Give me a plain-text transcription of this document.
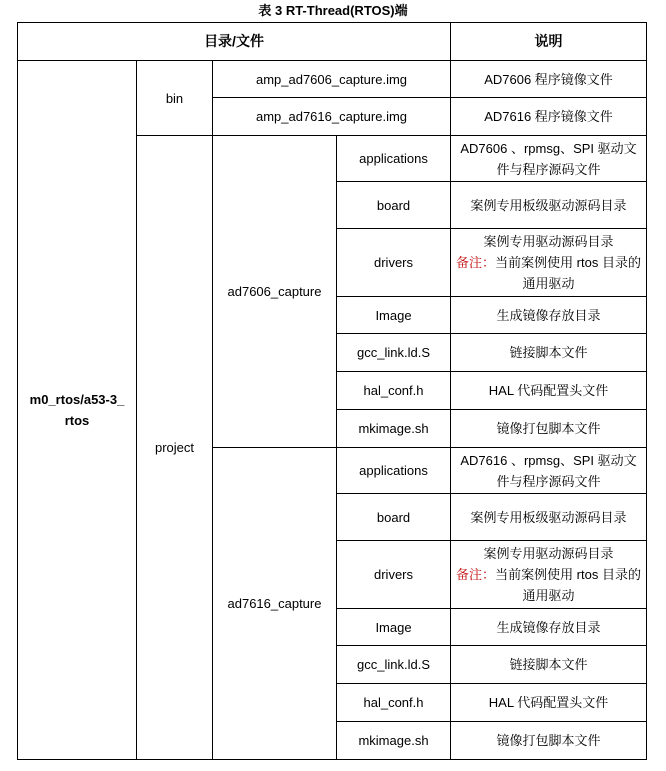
表 3 RT-Thread(RTOS)端
目录/文件				说明
m0_rtos/a53-3_ rtos	bin	amp_ad7606_capture.img		AD7606 程序镜像文件
		amp_ad7616_capture.img		AD7616 程序镜像文件
	project	ad7606_capture	applications	AD7606 、rpmsg、SPI 驱动文件与程序源码文件

			board	案例专用板级驱动源码目录

			drivers	案例专用驱动源码目录
备注：当前案例使用 rtos 目录的通用驱动

			Image	生成镜像存放目录

			gcc_link.ld.S	链接脚本文件

			hal_conf.h	HAL 代码配置头文件

			mkimage.sh	镜像打包脚本文件

		ad7616_capture	applications	AD7616 、rpmsg、SPI 驱动文件与程序源码文件

			board	案例专用板级驱动源码目录

			drivers	案例专用驱动源码目录
备注：当前案例使用 rtos 目录的通用驱动

			Image	生成镜像存放目录

			gcc_link.ld.S	链接脚本文件

			hal_conf.h	HAL 代码配置头文件

			mkimage.sh	镜像打包脚本文件
